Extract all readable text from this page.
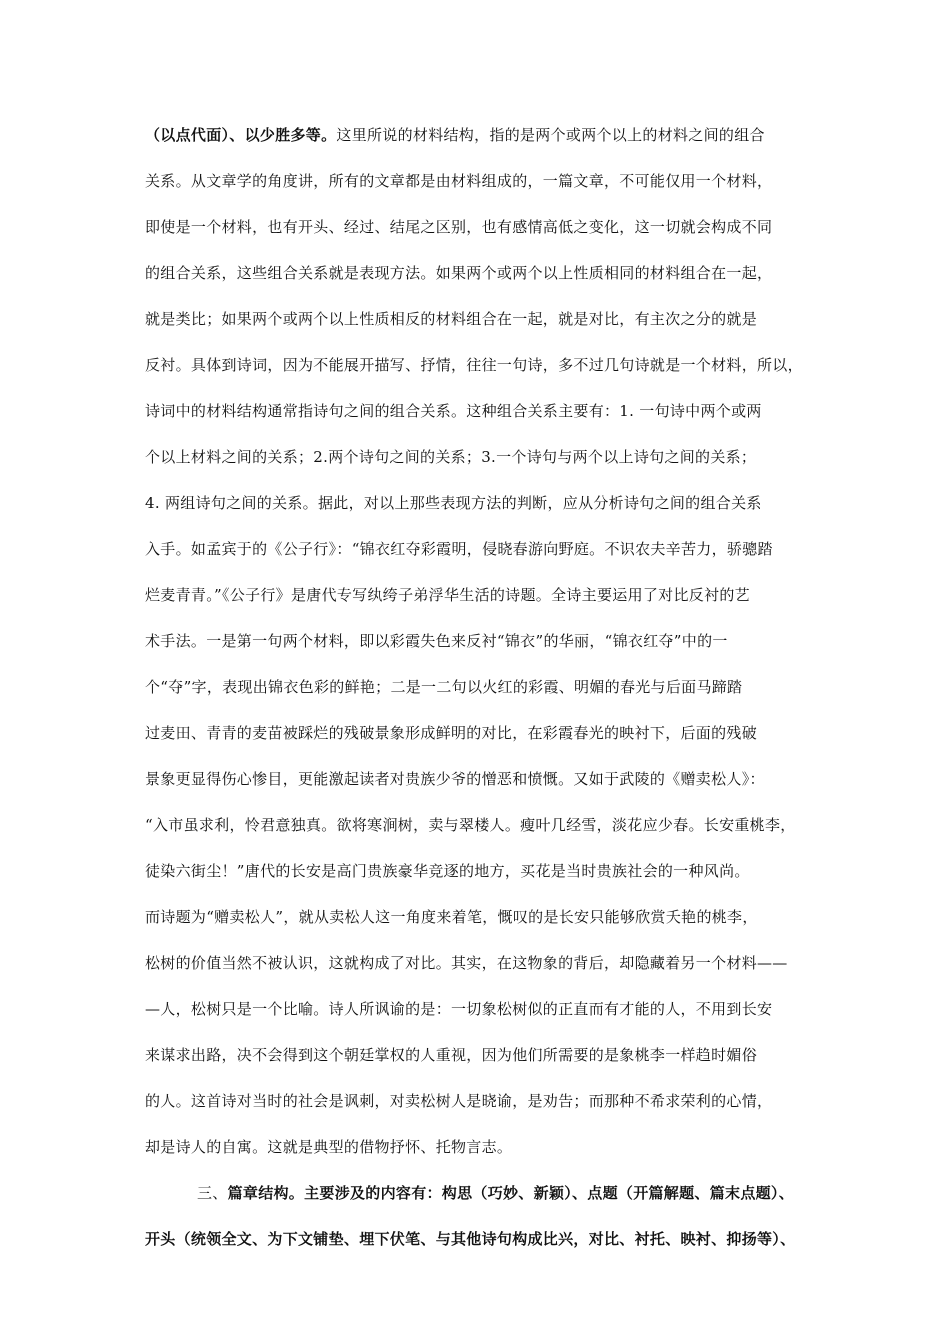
（以点代面）、以少胜多等。这里所说的材料结构，指的是两个或两个以上的材料之间的组合
关系。从文章学的角度讲，所有的文章都是由材料组成的，一篇文章，不可能仅用一个材料，
即使是一个材料，也有开头、经过、结尾之区别，也有感情高低之变化，这一切就会构成不同
的组合关系，这些组合关系就是表现方法。如果两个或两个以上性质相同的材料组合在一起，
就是类比；如果两个或两个以上性质相反的材料组合在一起，就是对比，有主次之分的就是
反衬。具体到诗词，因为不能展开描写、抒情，往往一句诗，多不过几句诗就是一个材料，所以，
诗词中的材料结构通常指诗句之间的组合关系。这种组合关系主要有：1. 一句诗中两个或两
个以上材料之间的关系；2.两个诗句之间的关系；3.一个诗句与两个以上诗句之间的关系；
4. 两组诗句之间的关系。据此，对以上那些表现方法的判断，应从分析诗句之间的组合关系
入手。如孟宾于的《公子行》：“锦衣红夺彩霞明，侵晓春游向野庭。不识农夫辛苦力，骄骢踏
烂麦青青。”《公子行》是唐代专写纨绔子弟浮华生活的诗题。全诗主要运用了对比反衬的艺
术手法。一是第一句两个材料，即以彩霞失色来反衬“锦衣”的华丽，“锦衣红夺”中的一
个“夺”字，表现出锦衣色彩的鲜艳；二是一二句以火红的彩霞、明媚的春光与后面马蹄踏
过麦田、青青的麦苗被踩烂的残破景象形成鲜明的对比，在彩霞春光的映衬下，后面的残破
景象更显得伤心惨目，更能激起读者对贵族少爷的憎恶和愤慨。又如于武陵的《赠卖松人》：
“入市虽求利，怜君意独真。欲将寒涧树，卖与翠楼人。瘦叶几经雪，淡花应少春。长安重桃李，
徒染六街尘！”唐代的长安是高门贵族豪华竞逐的地方，买花是当时贵族社会的一种风尚。
而诗题为“赠卖松人”，就从卖松人这一角度来着笔，慨叹的是长安只能够欣赏夭艳的桃李，
松树的价值当然不被认识，这就构成了对比。其实，在这物象的背后，却隐藏着另一个材料——
—人，松树只是一个比喻。诗人所讽谕的是：一切象松树似的正直而有才能的人，不用到长安
来谋求出路，决不会得到这个朝廷掌权的人重视，因为他们所需要的是象桃李一样趋时媚俗
的人。这首诗对当时的社会是讽刺，对卖松树人是晓谕，是劝告；而那种不希求荣利的心情，
却是诗人的自寓。这就是典型的借物抒怀、托物言志。
三、篇章结构。主要涉及的内容有：构思（巧妙、新颖）、点题（开篇解题、篇末点题）、
开头（统领全文、为下文铺垫、埋下伏笔、与其他诗句构成比兴，对比、衬托、映衬、抑扬等）、
